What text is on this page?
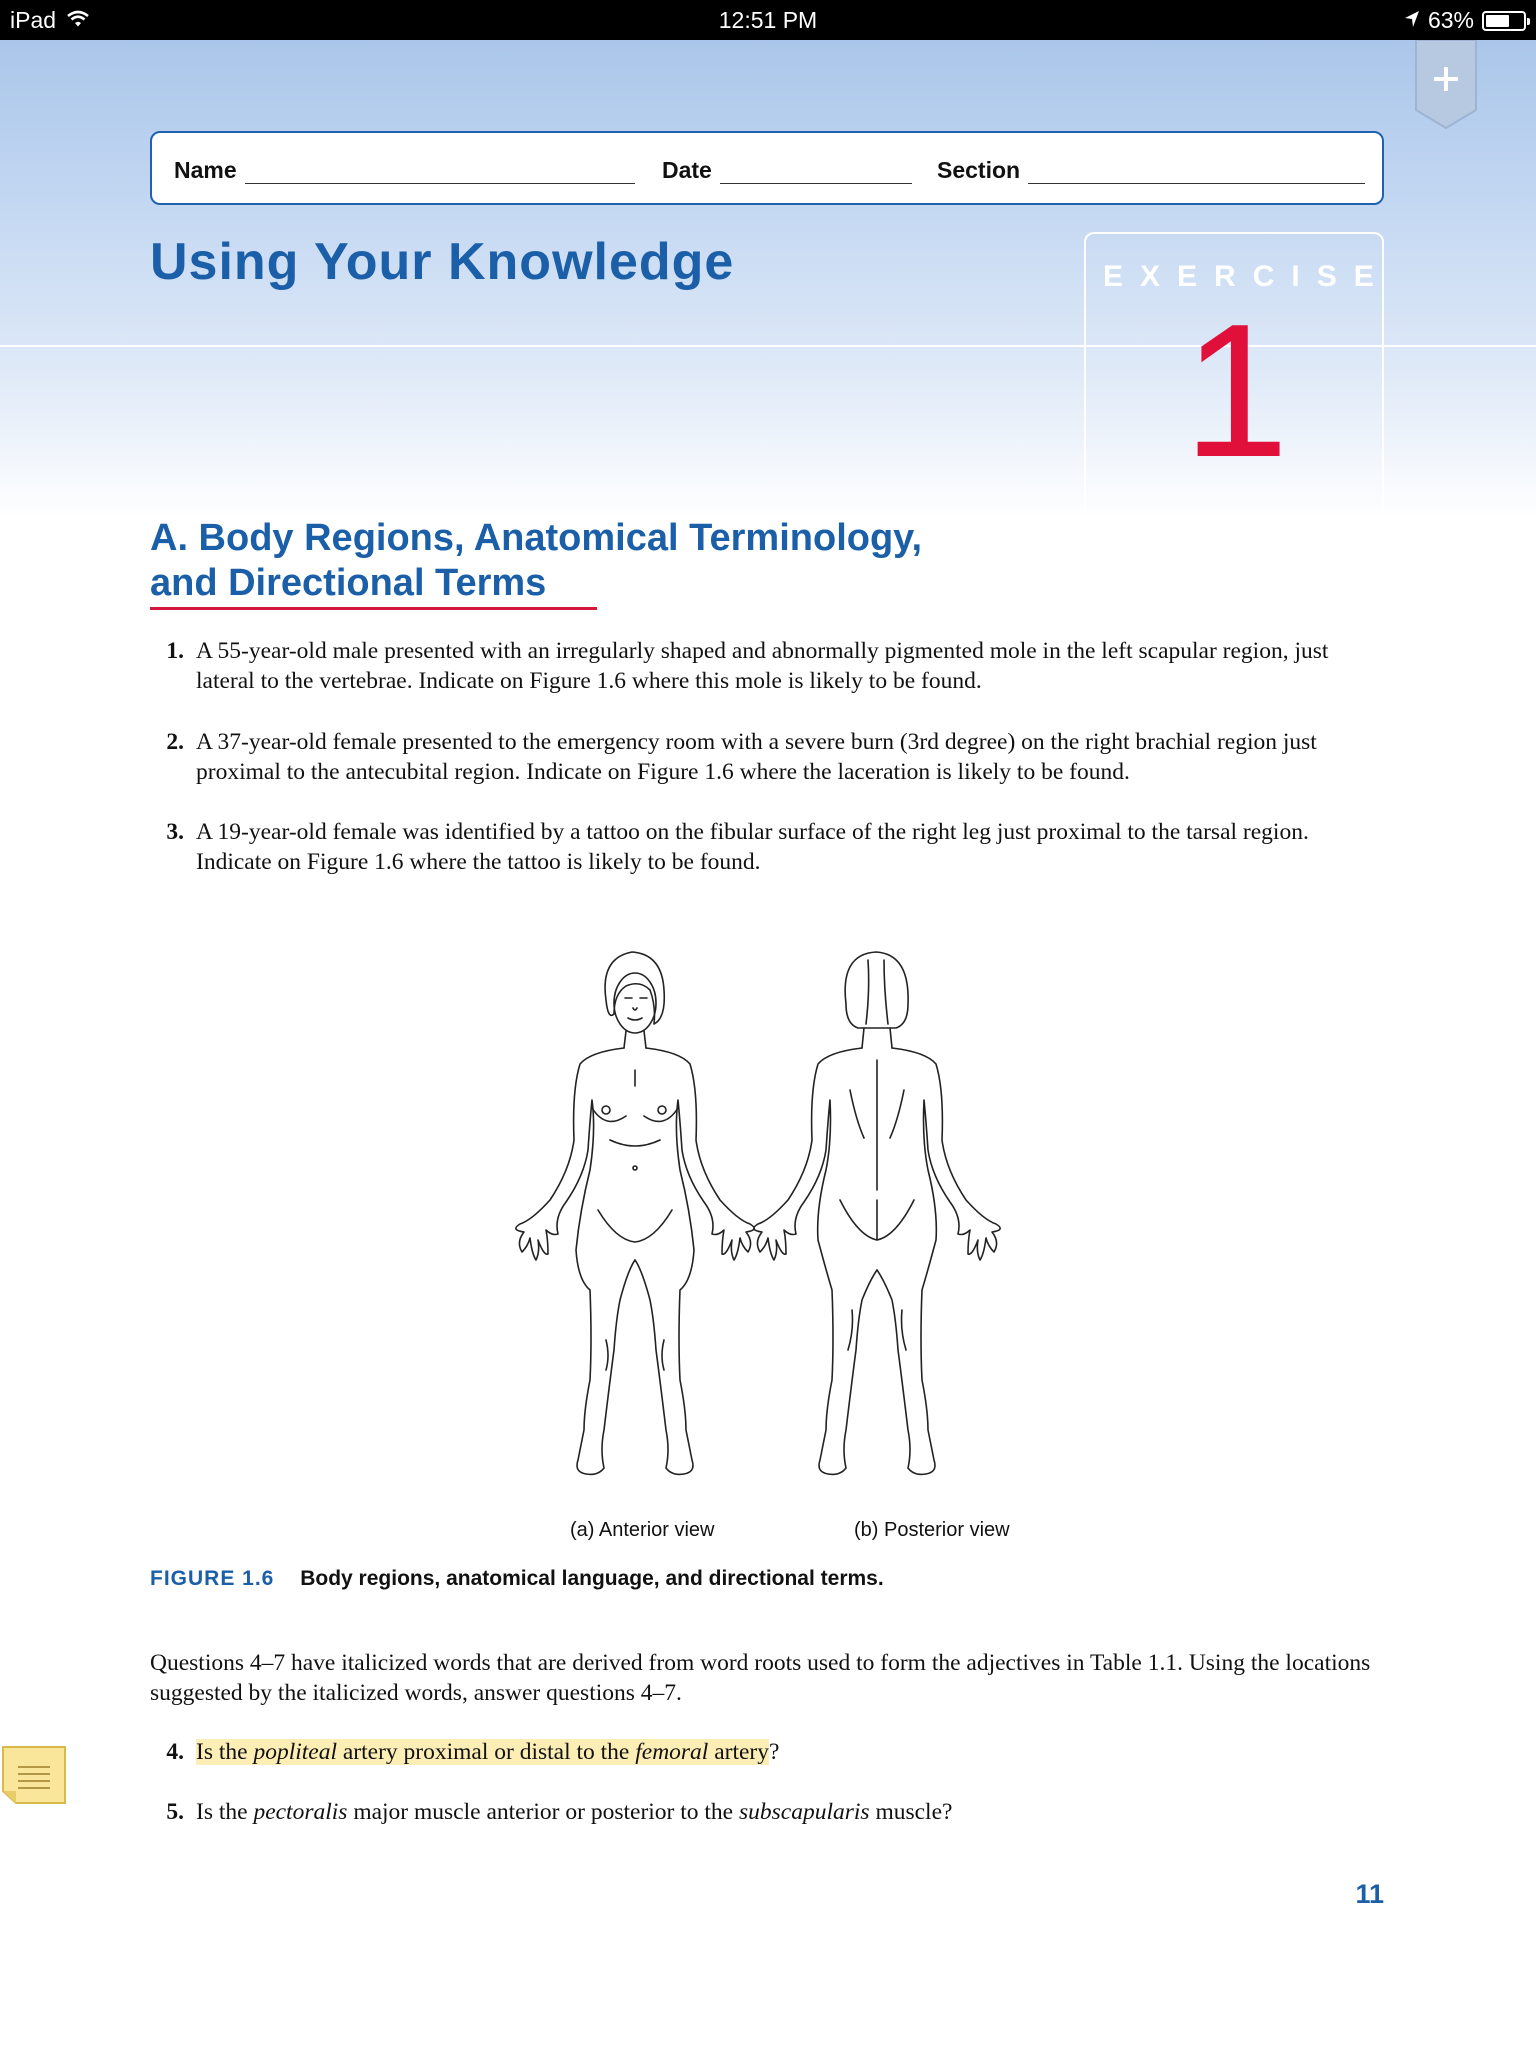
iPad	12:51 PM	63%
Name	Date	Section
Using Your Knowledge	EXERCISE
1
A. Body Regions, Anatomical Terminology,
and Directional Terms
1. A 55-year-old male presented with an irregularly shaped and abnormally pigmented mole in the left scapular region, just lateral to the vertebrae. Indicate on Figure 1.6 where this mole is likely to be found.
2. A 37-year-old female presented to the emergency room with a severe burn (3rd degree) on the right brachial region just proximal to the antecubital region. Indicate on Figure 1.6 where the laceration is likely to be found.
3. A 19-year-old female was identified by a tattoo on the fibular surface of the right leg just proximal to the tarsal region. Indicate on Figure 1.6 where the tattoo is likely to be found.
(a) Anterior view	(b) Posterior view
FIGURE 1.6 Body regions, anatomical language, and directional terms.
Questions 4–7 have italicized words that are derived from word roots used to form the adjectives in Table 1.1. Using the locations suggested by the italicized words, answer questions 4–7.
4. Is the popliteal artery proximal or distal to the femoral artery?
5. Is the pectoralis major muscle anterior or posterior to the subscapularis muscle?
11
